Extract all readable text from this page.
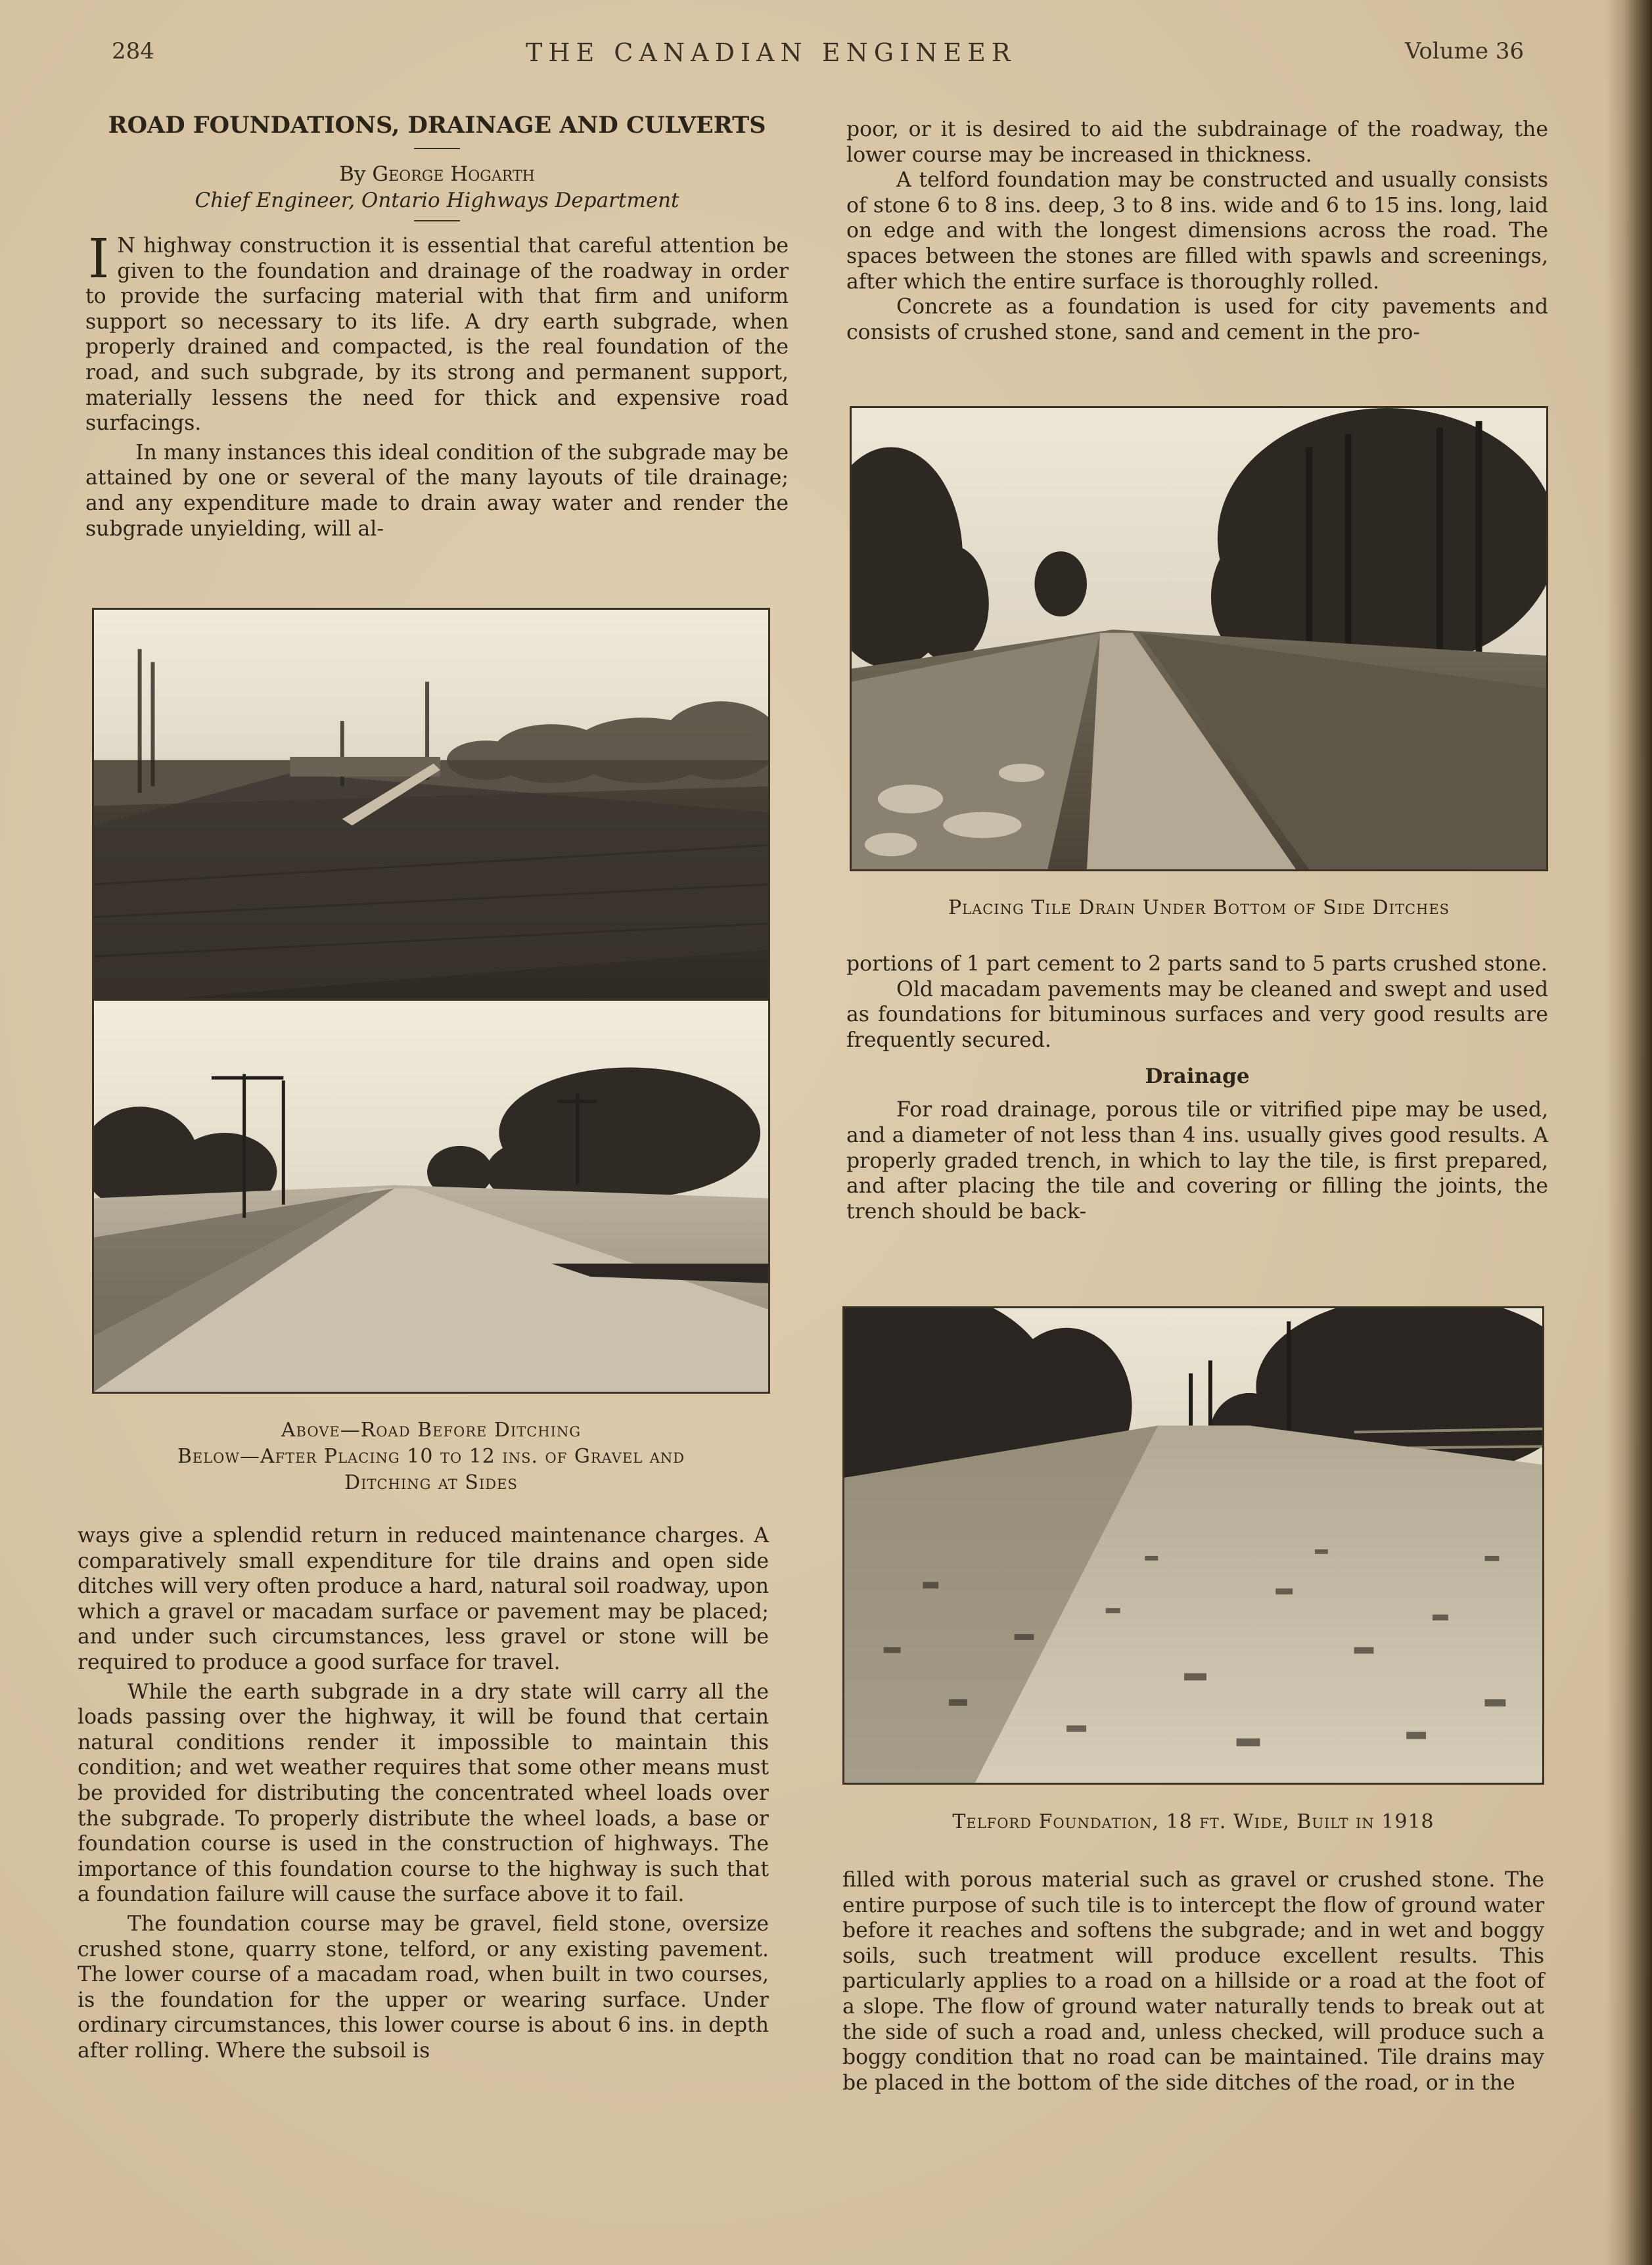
284	THE CANADIAN ENGINEER	Volume 36
ROAD FOUNDATIONS, DRAINAGE AND CULVERTS
By George Hogarth
Chief Engineer, Ontario Highways Department

I N highway construction it is essential that careful attention be given to the foundation and drainage of the roadway in order to provide the surfacing material with that firm and uniform support so necessary to its life. A dry earth subgrade, when properly drained and compacted, is the real foundation of the road, and such subgrade, by its strong and permanent support, materially lessens the need for thick and expensive road surfacings.

In many instances this ideal condition of the subgrade may be attained by one or several of the many layouts of tile drainage; and any expenditure made to drain away water and render the subgrade unyielding, will al-

Above—Road Before Ditching
Below—After Placing 10 to 12 ins. of Gravel and
Ditching at Sides

ways give a splendid return in reduced maintenance charges. A comparatively small expenditure for tile drains and open side ditches will very often produce a hard, natural soil roadway, upon which a gravel or macadam surface or pavement may be placed; and under such circumstances, less gravel or stone will be required to produce a good surface for travel.

While the earth subgrade in a dry state will carry all the loads passing over the highway, it will be found that certain natural conditions render it impossible to maintain this condition; and wet weather requires that some other means must be provided for distributing the concentrated wheel loads over the subgrade. To properly distribute the wheel loads, a base or foundation course is used in the construction of highways. The importance of this foundation course to the highway is such that a foundation failure will cause the surface above it to fail.

The foundation course may be gravel, field stone, oversize crushed stone, quarry stone, telford, or any existing pavement. The lower course of a macadam road, when built in two courses, is the foundation for the upper or wearing surface. Under ordinary circumstances, this lower course is about 6 ins. in depth after rolling. Where the subsoil is

poor, or it is desired to aid the subdrainage of the roadway, the lower course may be increased in thickness.

A telford foundation may be constructed and usually consists of stone 6 to 8 ins. deep, 3 to 8 ins. wide and 6 to 15 ins. long, laid on edge and with the longest dimensions across the road. The spaces between the stones are filled with spawls and screenings, after which the entire surface is thoroughly rolled.

Concrete as a foundation is used for city pavements and consists of crushed stone, sand and cement in the pro-

Placing Tile Drain Under Bottom of Side Ditches

portions of 1 part cement to 2 parts sand to 5 parts crushed stone.

Old macadam pavements may be cleaned and swept and used as foundations for bituminous surfaces and very good results are frequently secured.

Drainage

For road drainage, porous tile or vitrified pipe may be used, and a diameter of not less than 4 ins. usually gives good results. A properly graded trench, in which to lay the tile, is first prepared, and after placing the tile and covering or filling the joints, the trench should be back-

Telford Foundation, 18 ft. Wide, Built in 1918

filled with porous material such as gravel or crushed stone. The entire purpose of such tile is to intercept the flow of ground water before it reaches and softens the subgrade; and in wet and boggy soils, such treatment will produce excellent results. This particularly applies to a road on a hillside or a road at the foot of a slope. The flow of ground water naturally tends to break out at the side of such a road and, unless checked, will produce such a boggy condition that no road can be maintained. Tile drains may be placed in the bottom of the side ditches of the road, or in the
